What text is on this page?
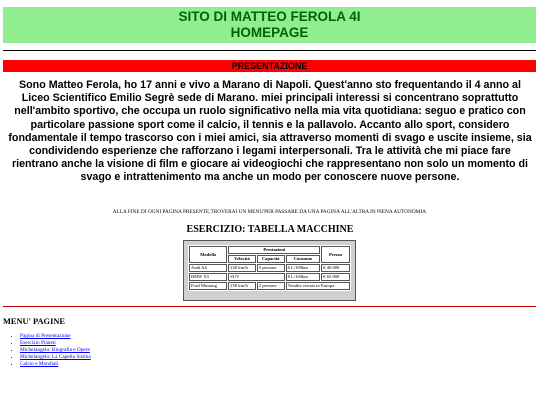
SITO DI MATTEO FEROLA 4I
HOMEPAGE
PRESENTAZIONE

Sono Matteo Ferola, ho 17 anni e vivo a Marano di Napoli. Quest'anno sto frequentando il 4 anno al Liceo Scientifico Emilio Segrè sede di Marano. miei principali interessi si concentrano soprattutto nell'ambito sportivo, che occupa un ruolo significativo nella mia vita quotidiana: seguo e pratico con particolare passione sport come il calcio, il tennis e la pallavolo. Accanto allo sport, considero fondamentale il tempo trascorso con i miei amici, sia attraverso momenti di svago e uscite insieme, sia condividendo esperienze che rafforzano i legami interpersonali. Tra le attività che mi piace fare rientrano anche la visione di film e giocare ai videogiochi che rappresentano non solo un momento di svago e intrattenimento ma anche un modo per conoscere nuove persone.

ALLA FINE DI OGNI PAGINA PRESENTE,TROVERAI UN MENU'PER PASSARE DA UNA PAGINA ALL'ALTRA IN PIENA AUTONOMIA.

ESERCIZIO: TABELLA MACCHINE

Modello	Prestazioni			Prezzo
	Velocità	Capacità	Consumo	
Audi A4	220 km/h	5 persone	6 L/100km	€ 40.000
BMW X5	SUV		8 L/100km	€ 65.000
Ford Mustang	250 km/h	2 persone	Vendita vietata in Europa	

MENU' PAGINE

• Pagina di Presentazione
• Esercizio Pianeti
• Michelangelo: Biografia e Opere
• Michelangelo: La Capella Sistina
• Calcio e Mondiali
